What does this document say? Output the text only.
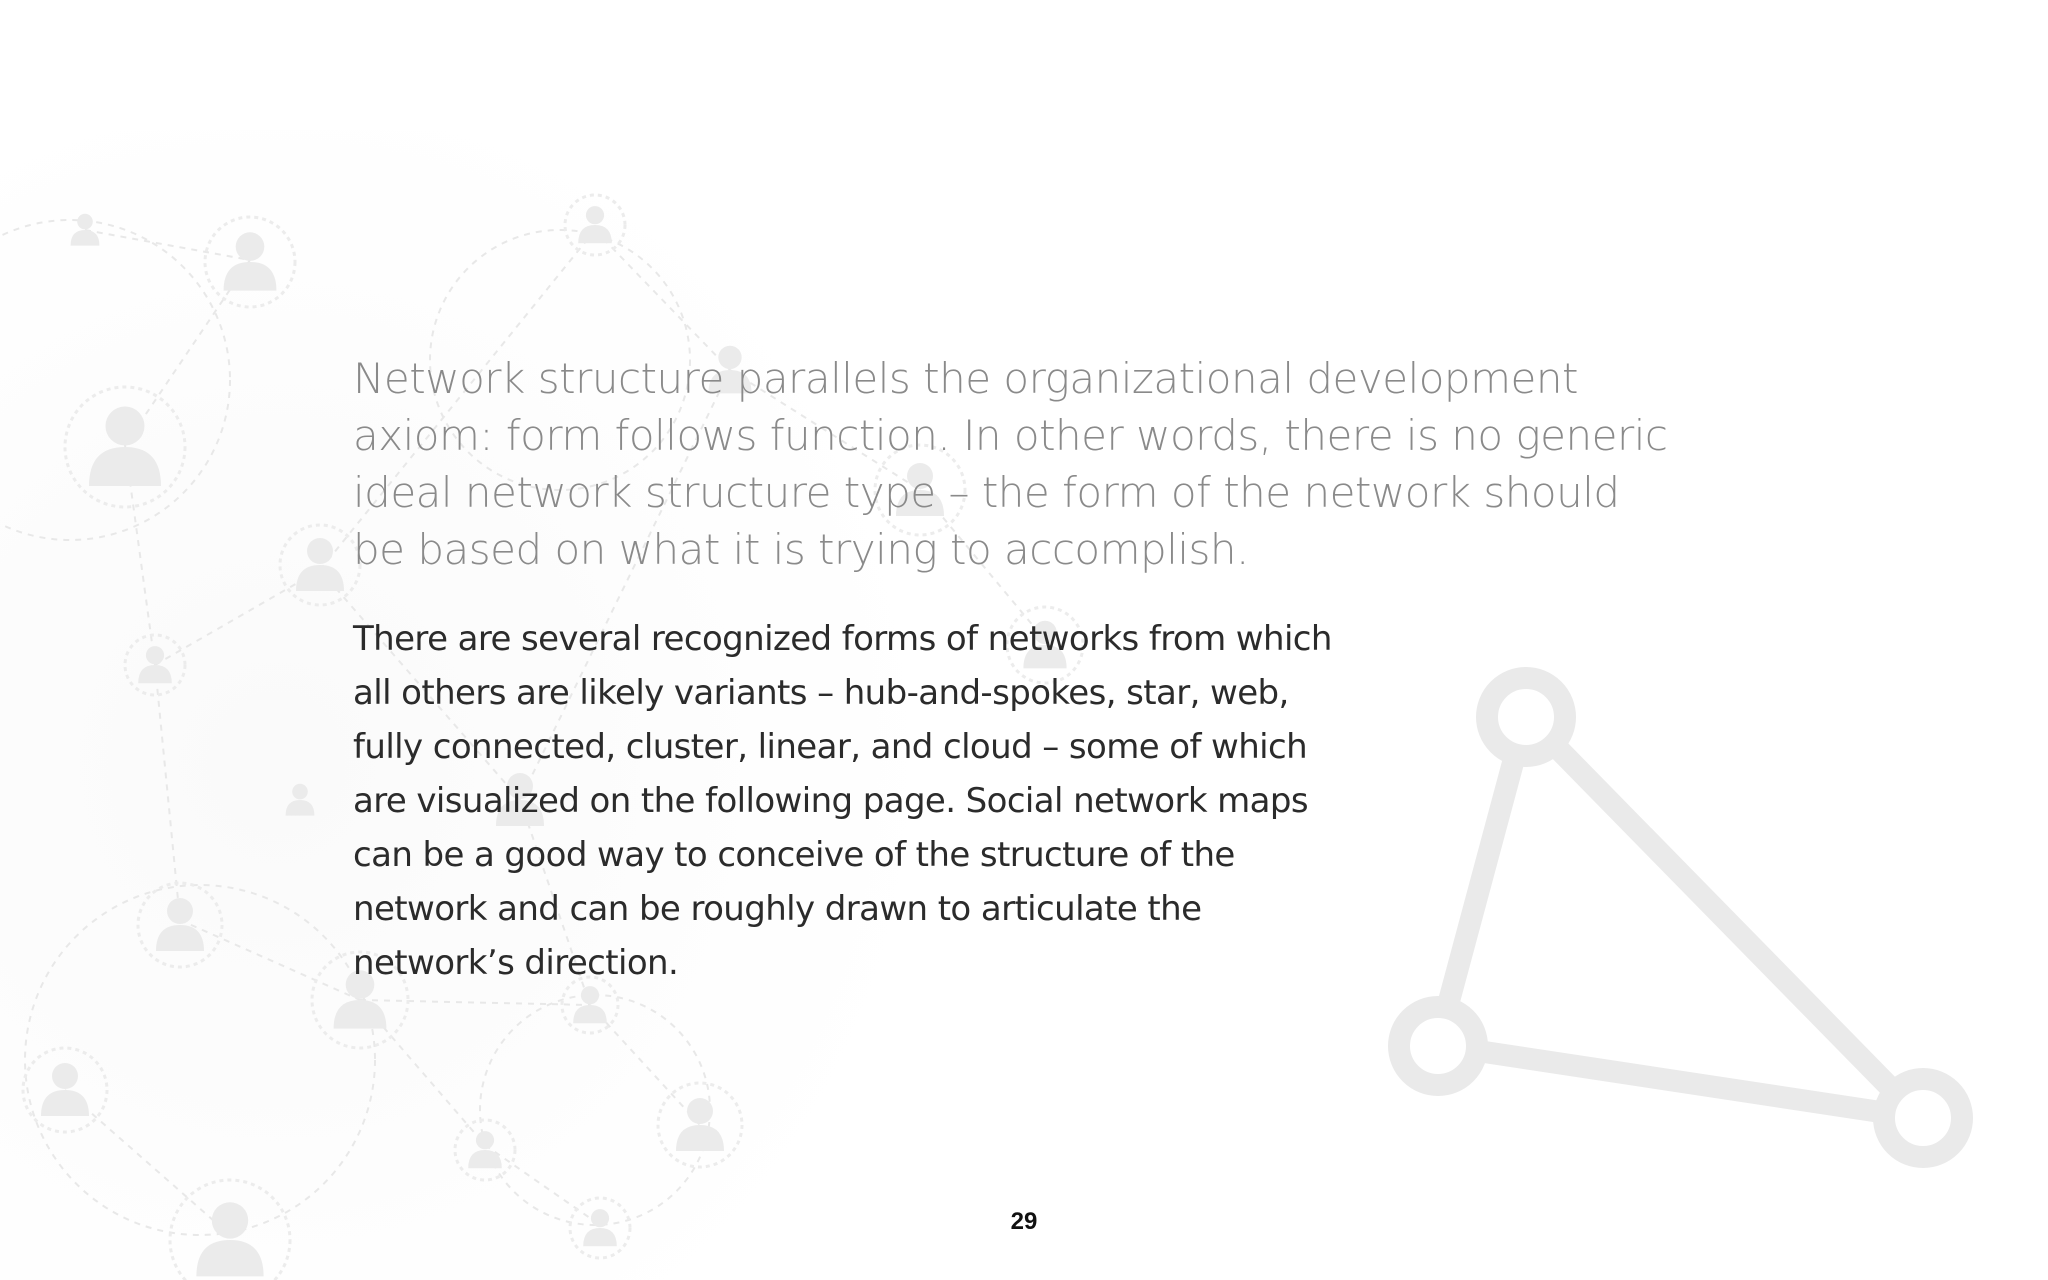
Network structure parallels the organizational development axiom: form follows function. In other words, there is no generic ideal network structure type – the form of the network should be based on what it is trying to accomplish.

There are several recognized forms of networks from which all others are likely variants – hub-and-spokes, star, web, fully connected, cluster, linear, and cloud – some of which are visualized on the following page. Social network maps can be a good way to conceive of the structure of the network and can be roughly drawn to articulate the network’s direction.

29
